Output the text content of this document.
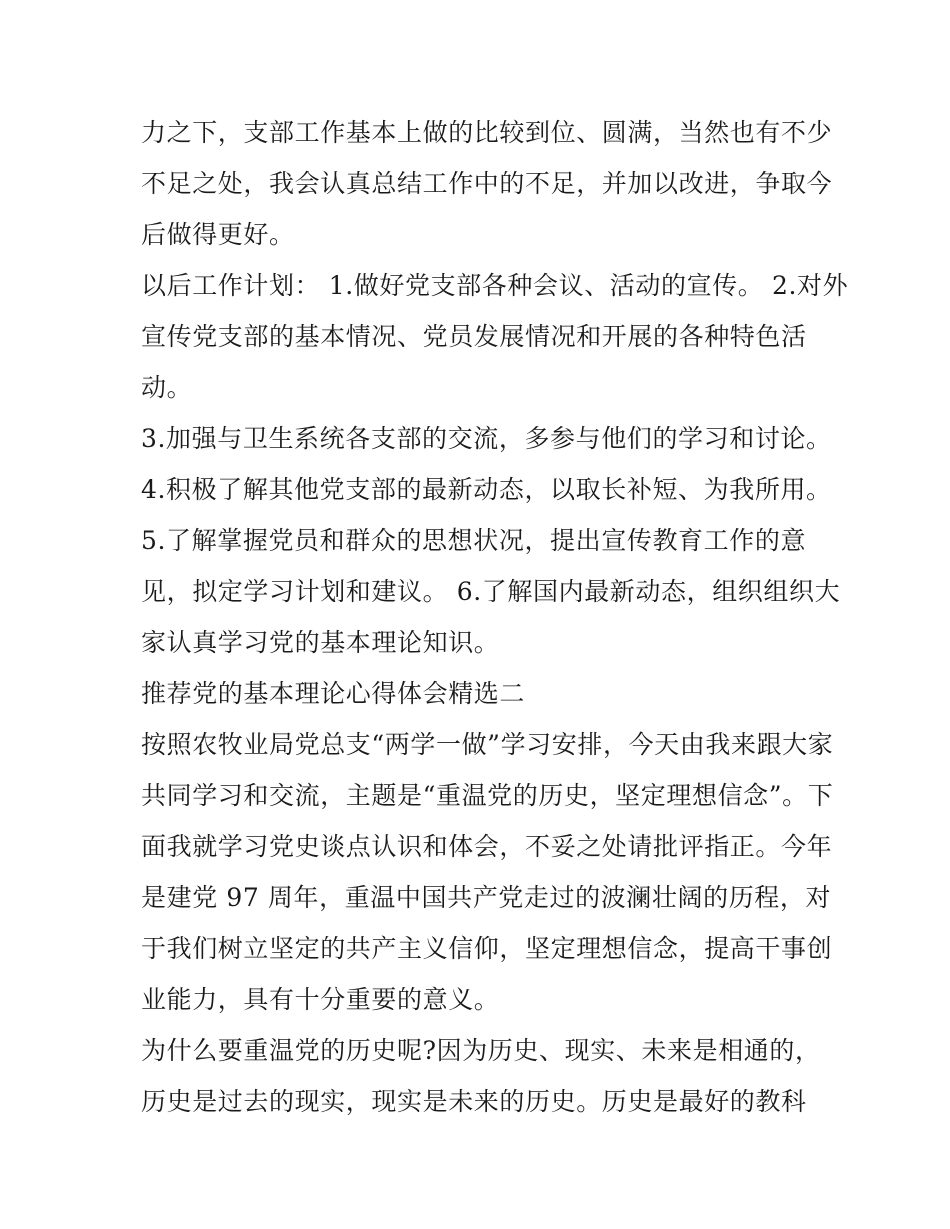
力之下，支部工作基本上做的比较到位、圆满，当然也有不少
不足之处，我会认真总结工作中的不足，并加以改进，争取今
后做得更好。
以后工作计划： 1.做好党支部各种会议、活动的宣传。 2.对外
宣传党支部的基本情况、党员发展情况和开展的各种特色活
动。
3.加强与卫生系统各支部的交流，多参与他们的学习和讨论。
4.积极了解其他党支部的最新动态，以取长补短、为我所用。
5.了解掌握党员和群众的思想状况，提出宣传教育工作的意
见，拟定学习计划和建议。 6.了解国内最新动态，组织组织大
家认真学习党的基本理论知识。
推荐党的基本理论心得体会精选二
按照农牧业局党总支“两学一做”学习安排，今天由我来跟大家
共同学习和交流，主题是“重温党的历史，坚定理想信念”。下
面我就学习党史谈点认识和体会，不妥之处请批评指正。今年
是建党 97 周年，重温中国共产党走过的波澜壮阔的历程，对
于我们树立坚定的共产主义信仰，坚定理想信念，提高干事创
业能力，具有十分重要的意义。
为什么要重温党的历史呢?因为历史、现实、未来是相通的，
历史是过去的现实，现实是未来的历史。历史是最好的教科
